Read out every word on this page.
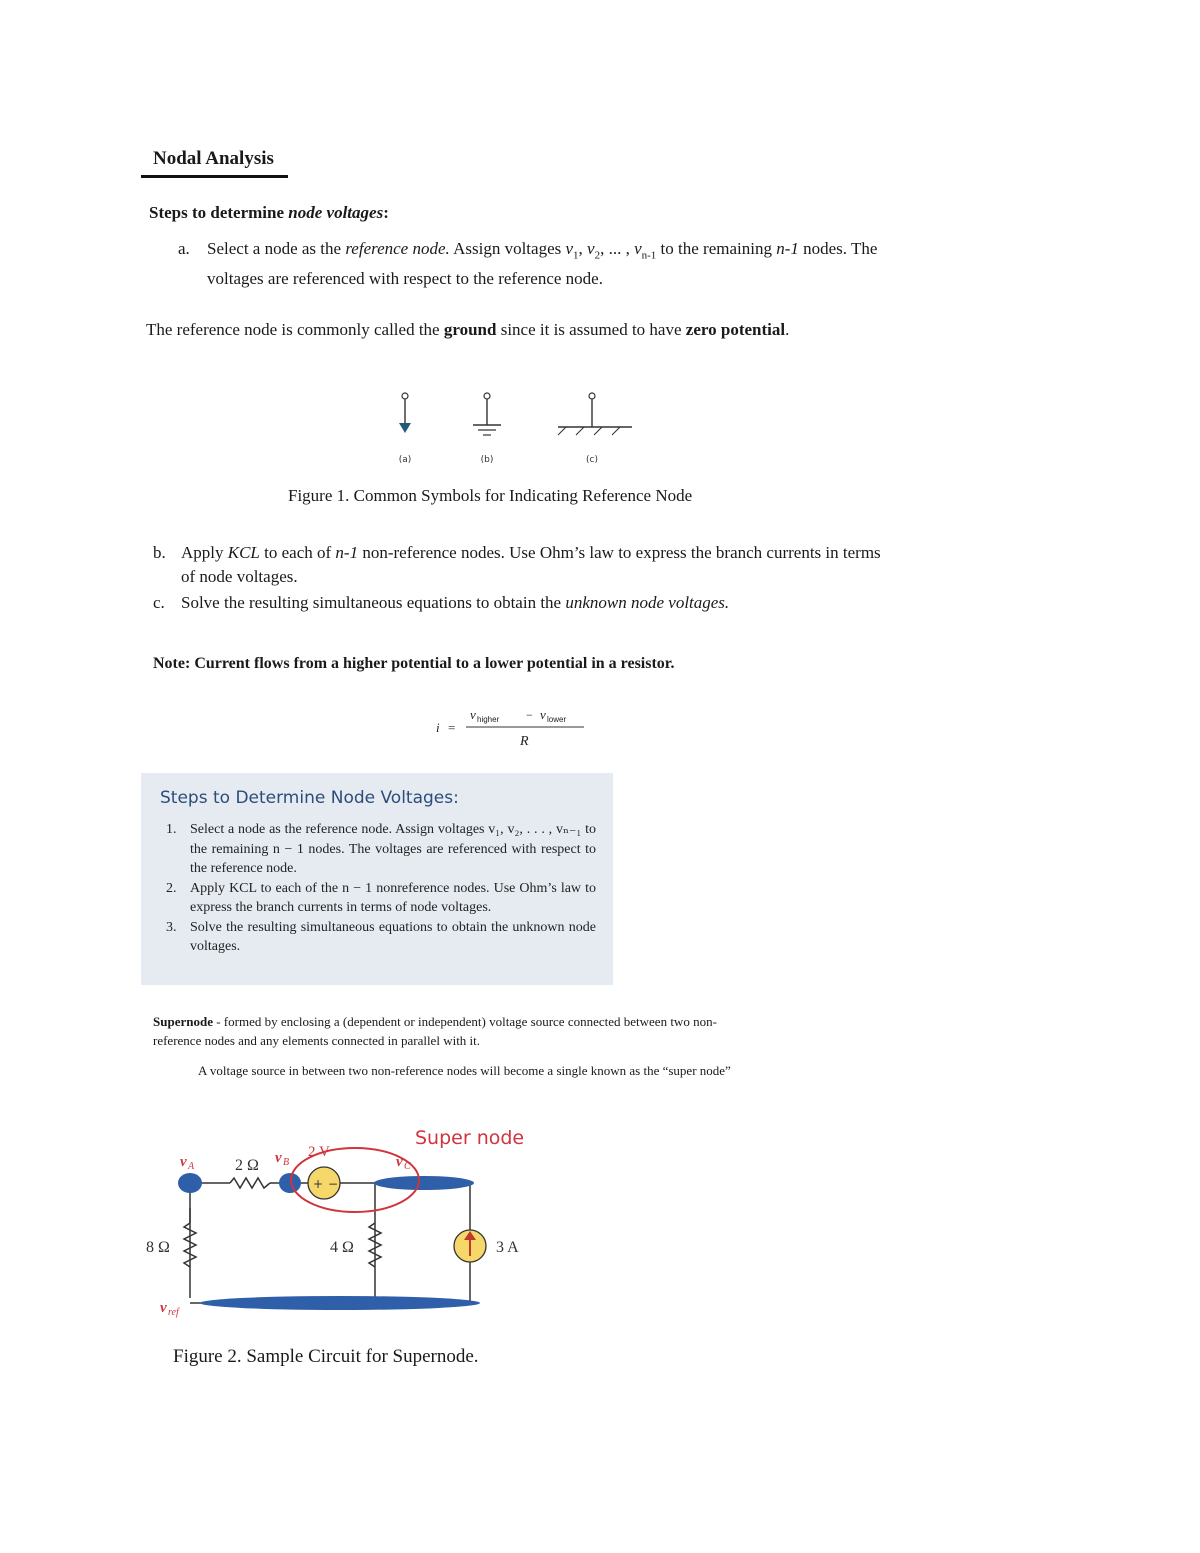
Nodal Analysis
Steps to determine node voltages:
a. Select a node as the reference node. Assign voltages $v_1$, $v_2$, ... , $v_{n-1}$ to the remaining n-1 nodes. The voltages are referenced with respect to the reference node.
The reference node is commonly called the ground since it is assumed to have zero potential.
(a)	(b)	(c)
Figure 1. Common Symbols for Indicating Reference Node
b. Apply KCL to each of n-1 non-reference nodes. Use Ohm’s law to express the branch currents in terms of node voltages.
c. Solve the resulting simultaneous equations to obtain the unknown node voltages.
Note: Current flows from a higher potential to a lower potential in a resistor.
i =
v higher − v lower
R
Steps to Determine Node Voltages:
1. Select a node as the reference node. Assign voltages v₁, v₂, . . . , vₙ₋₁ to the remaining n − 1 nodes. The voltages are referenced with respect to the reference node.
2. Apply KCL to each of the n − 1 nonreference nodes. Use Ohm’s law to express the branch currents in terms of node voltages.
3. Solve the resulting simultaneous equations to obtain the unknown node voltages.
Supernode - formed by enclosing a (dependent or independent) voltage source connected between two non-reference nodes and any elements connected in parallel with it.
A voltage source in between two non-reference nodes will become a single known as the “super node”
+ −
Super node
v A	2 Ω v B
2 V
v C
8 Ω	4 Ω	3 A
v ref
Figure 2. Sample Circuit for Supernode.
